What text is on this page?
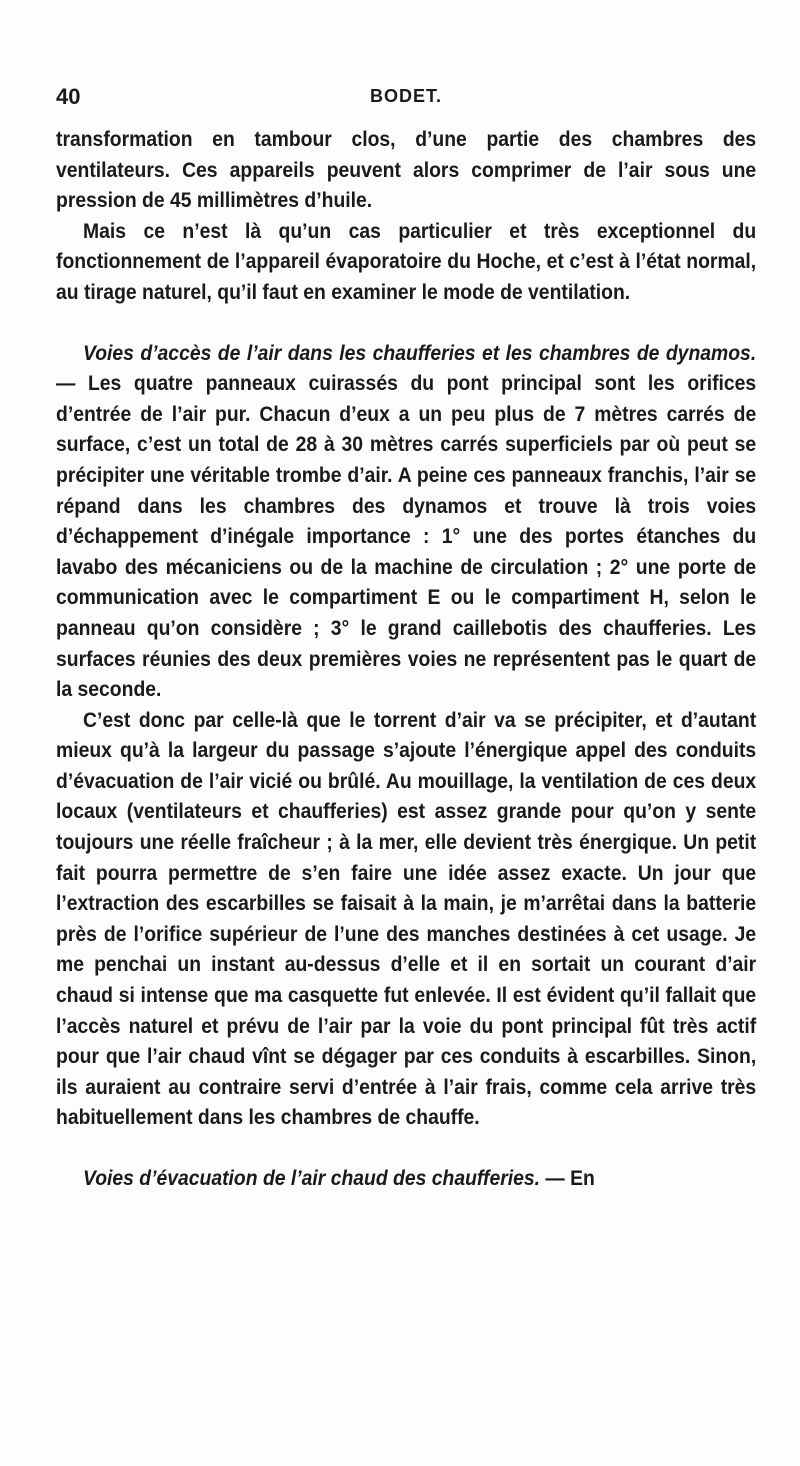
40	BODET.

transformation en tambour clos, d’une partie des chambres des ventilateurs. Ces appareils peuvent alors comprimer de l’air sous une pression de 45 millimètres d’huile.

Mais ce n’est là qu’un cas particulier et très exceptionnel du fonctionnement de l’appareil évaporatoire du Hoche, et c’est à l’état normal, au tirage naturel, qu’il faut en examiner le mode de ventilation.

Voies d’accès de l’air dans les chaufferies et les chambres de dynamos. — Les quatre panneaux cuirassés du pont principal sont les orifices d’entrée de l’air pur. Chacun d’eux a un peu plus de 7 mètres carrés de surface, c’est un total de 28 à 30 mètres carrés superficiels par où peut se précipiter une véritable trombe d’air. A peine ces panneaux franchis, l’air se répand dans les chambres des dynamos et trouve là trois voies d’échappement d’inégale importance : 1° une des portes étanches du lavabo des mécaniciens ou de la machine de circulation ; 2° une porte de communication avec le compartiment E ou le compartiment H, selon le panneau qu’on considère ; 3° le grand caillebotis des chaufferies. Les surfaces réunies des deux premières voies ne représentent pas le quart de la seconde.

C’est donc par celle-là que le torrent d’air va se précipiter, et d’autant mieux qu’à la largeur du passage s’ajoute l’énergique appel des conduits d’évacuation de l’air vicié ou brûlé. Au mouillage, la ventilation de ces deux locaux (ventilateurs et chaufferies) est assez grande pour qu’on y sente toujours une réelle fraîcheur ; à la mer, elle devient très énergique. Un petit fait pourra permettre de s’en faire une idée assez exacte. Un jour que l’extraction des escarbilles se faisait à la main, je m’arrêtai dans la batterie près de l’orifice supérieur de l’une des manches destinées à cet usage. Je me penchai un instant au-dessus d’elle et il en sortait un courant d’air chaud si intense que ma casquette fut enlevée. Il est évident qu’il fallait que l’accès naturel et prévu de l’air par la voie du pont principal fût très actif pour que l’air chaud vînt se dégager par ces conduits à escarbilles. Sinon, ils auraient au contraire servi d’entrée à l’air frais, comme cela arrive très habituellement dans les chambres de chauffe.

Voies d’évacuation de l’air chaud des chaufferies. — En
